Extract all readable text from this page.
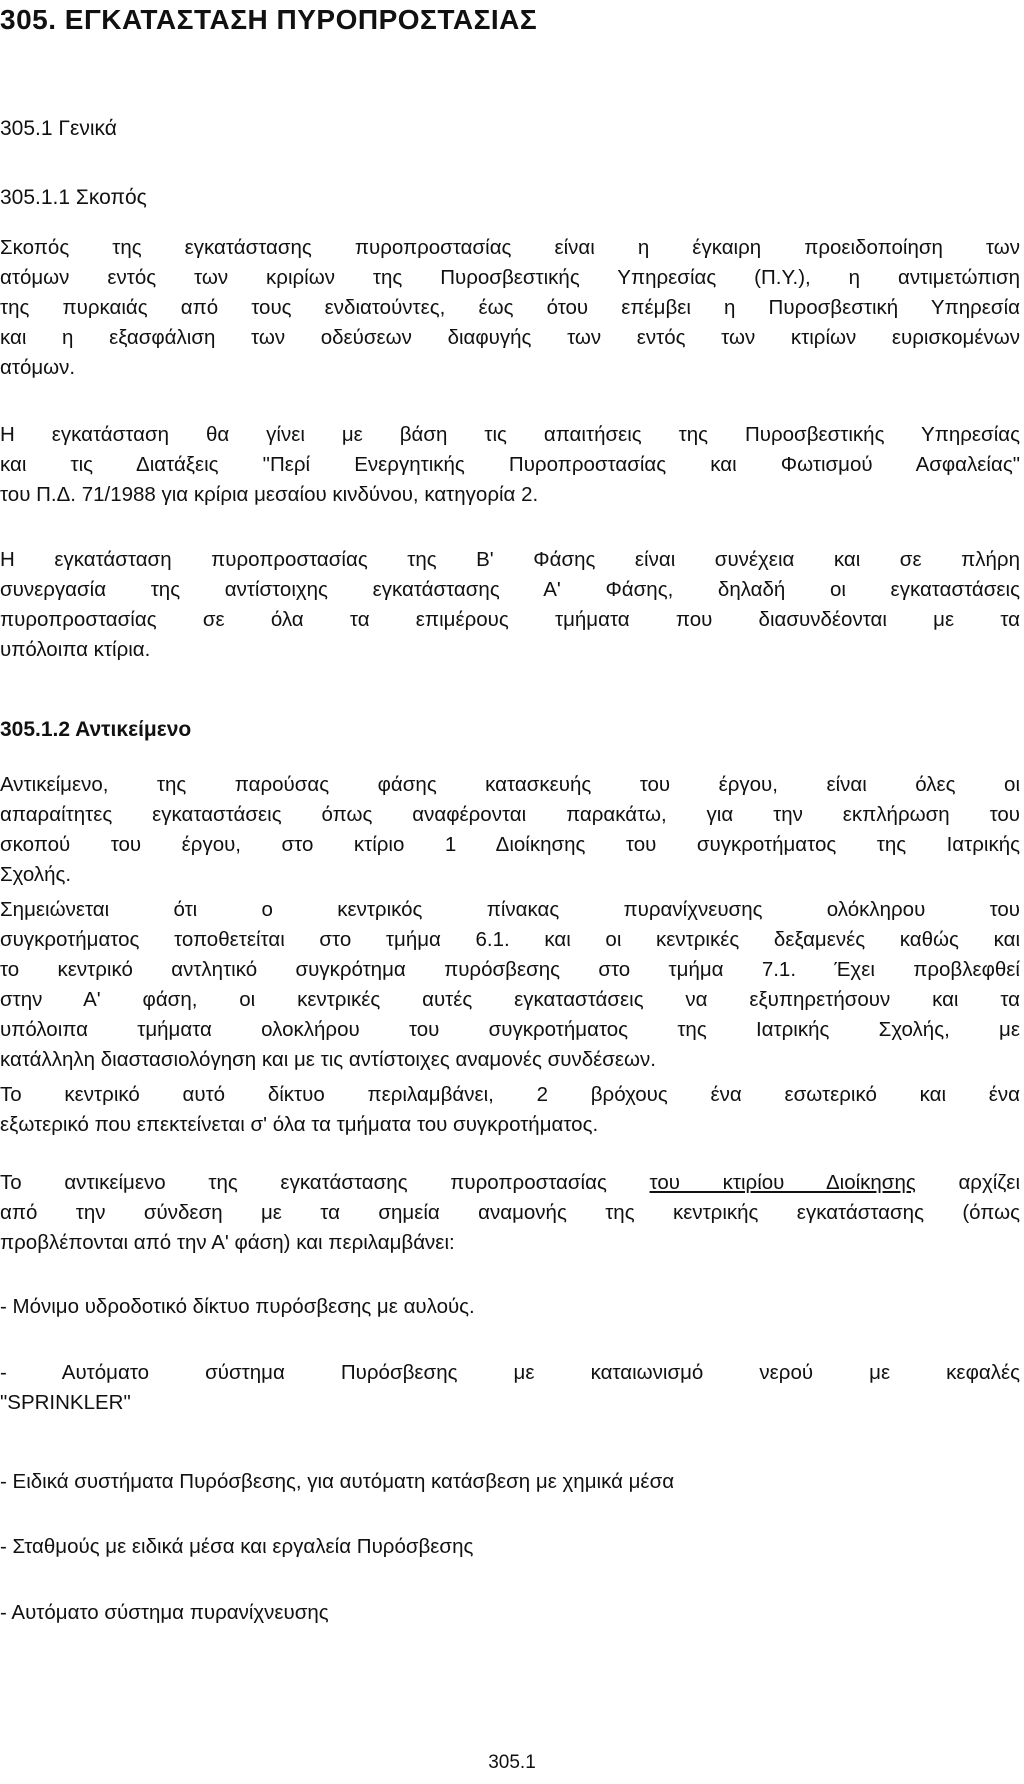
305. ΕΓΚΑΤΑΣΤΑΣΗ ΠΥΡΟΠΡΟΣΤΑΣΙΑΣ
305.1 Γενικά
305.1.1 Σκοπός

Σκοπός της εγκατάστασης πυροπροστασίας είναι η έγκαιρη προειδοποίηση των
ατόμων εντός των κριρίων της Πυροσβεστικής Υπηρεσίας (Π.Υ.), η αντιμετώπιση
της πυρκαιάς από τους ενδιατούντες, έως ότου επέμβει η Πυροσβεστική Υπηρεσία
και η εξασφάλιση των οδεύσεων διαφυγής των εντός των κτιρίων ευρισκομένων
ατόμων.

Η εγκατάσταση θα γίνει με βάση τις απαιτήσεις της Πυροσβεστικής Υπηρεσίας
και τις Διατάξεις "Περί Ενεργητικής Πυροπροστασίας και Φωτισμού Ασφαλείας"
του Π.Δ. 71/1988 για κρίρια μεσαίου κινδύνου, κατηγορία 2.

Η εγκατάσταση πυροπροστασίας της Β' Φάσης είναι συνέχεια και σε πλήρη
συνεργασία της αντίστοιχης εγκατάστασης Α' Φάσης, δηλαδή οι εγκαταστάσεις
πυροπροστασίας σε όλα τα επιμέρους τμήματα που διασυνδέονται με τα
υπόλοιπα κτίρια.

305.1.2 Αντικείμενο

Αντικείμενο, της παρούσας φάσης κατασκευής του έργου, είναι όλες οι
απαραίτητες εγκαταστάσεις όπως αναφέρονται παρακάτω, για την εκπλήρωση του
σκοπού του έργου, στο κτίριο 1 Διοίκησης του συγκροτήματος της Ιατρικής
Σχολής.

Σημειώνεται ότι ο κεντρικός πίνακας πυρανίχνευσης ολόκληρου του
συγκροτήματος τοποθετείται στο τμήμα 6.1. και οι κεντρικές δεξαμενές καθώς και
το κεντρικό αντλητικό συγκρότημα πυρόσβεσης στο τμήμα 7.1. Έχει προβλεφθεί
στην Α' φάση, οι κεντρικές αυτές εγκαταστάσεις να εξυπηρετήσουν και τα
υπόλοιπα τμήματα ολοκλήρου του συγκροτήματος της Ιατρικής Σχολής, με
κατάλληλη διαστασιολόγηση και με τις αντίστοιχες αναμονές συνδέσεων.

Το κεντρικό αυτό δίκτυο περιλαμβάνει, 2 βρόχους ένα εσωτερικό και ένα
εξωτερικό που επεκτείνεται σ' όλα τα τμήματα του συγκροτήματος.

Το αντικείμενο της εγκατάστασης πυροπροστασίας του κτιρίου Διοίκησης αρχίζει
από την σύνδεση με τα σημεία αναμονής της κεντρικής εγκατάστασης (όπως
προβλέπονται από την Α' φάση) και περιλαμβάνει:

- Μόνιμο υδροδοτικό δίκτυο πυρόσβεσης με αυλούς.

- Αυτόματο σύστημα Πυρόσβεσης με καταιωνισμό νερού με κεφαλές
"SPRINKLER"

- Ειδικά συστήματα Πυρόσβεσης, για αυτόματη κατάσβεση με χημικά μέσα

- Σταθμούς με ειδικά μέσα και εργαλεία Πυρόσβεσης

- Αυτόματο σύστημα πυρανίχνευσης

305.1
